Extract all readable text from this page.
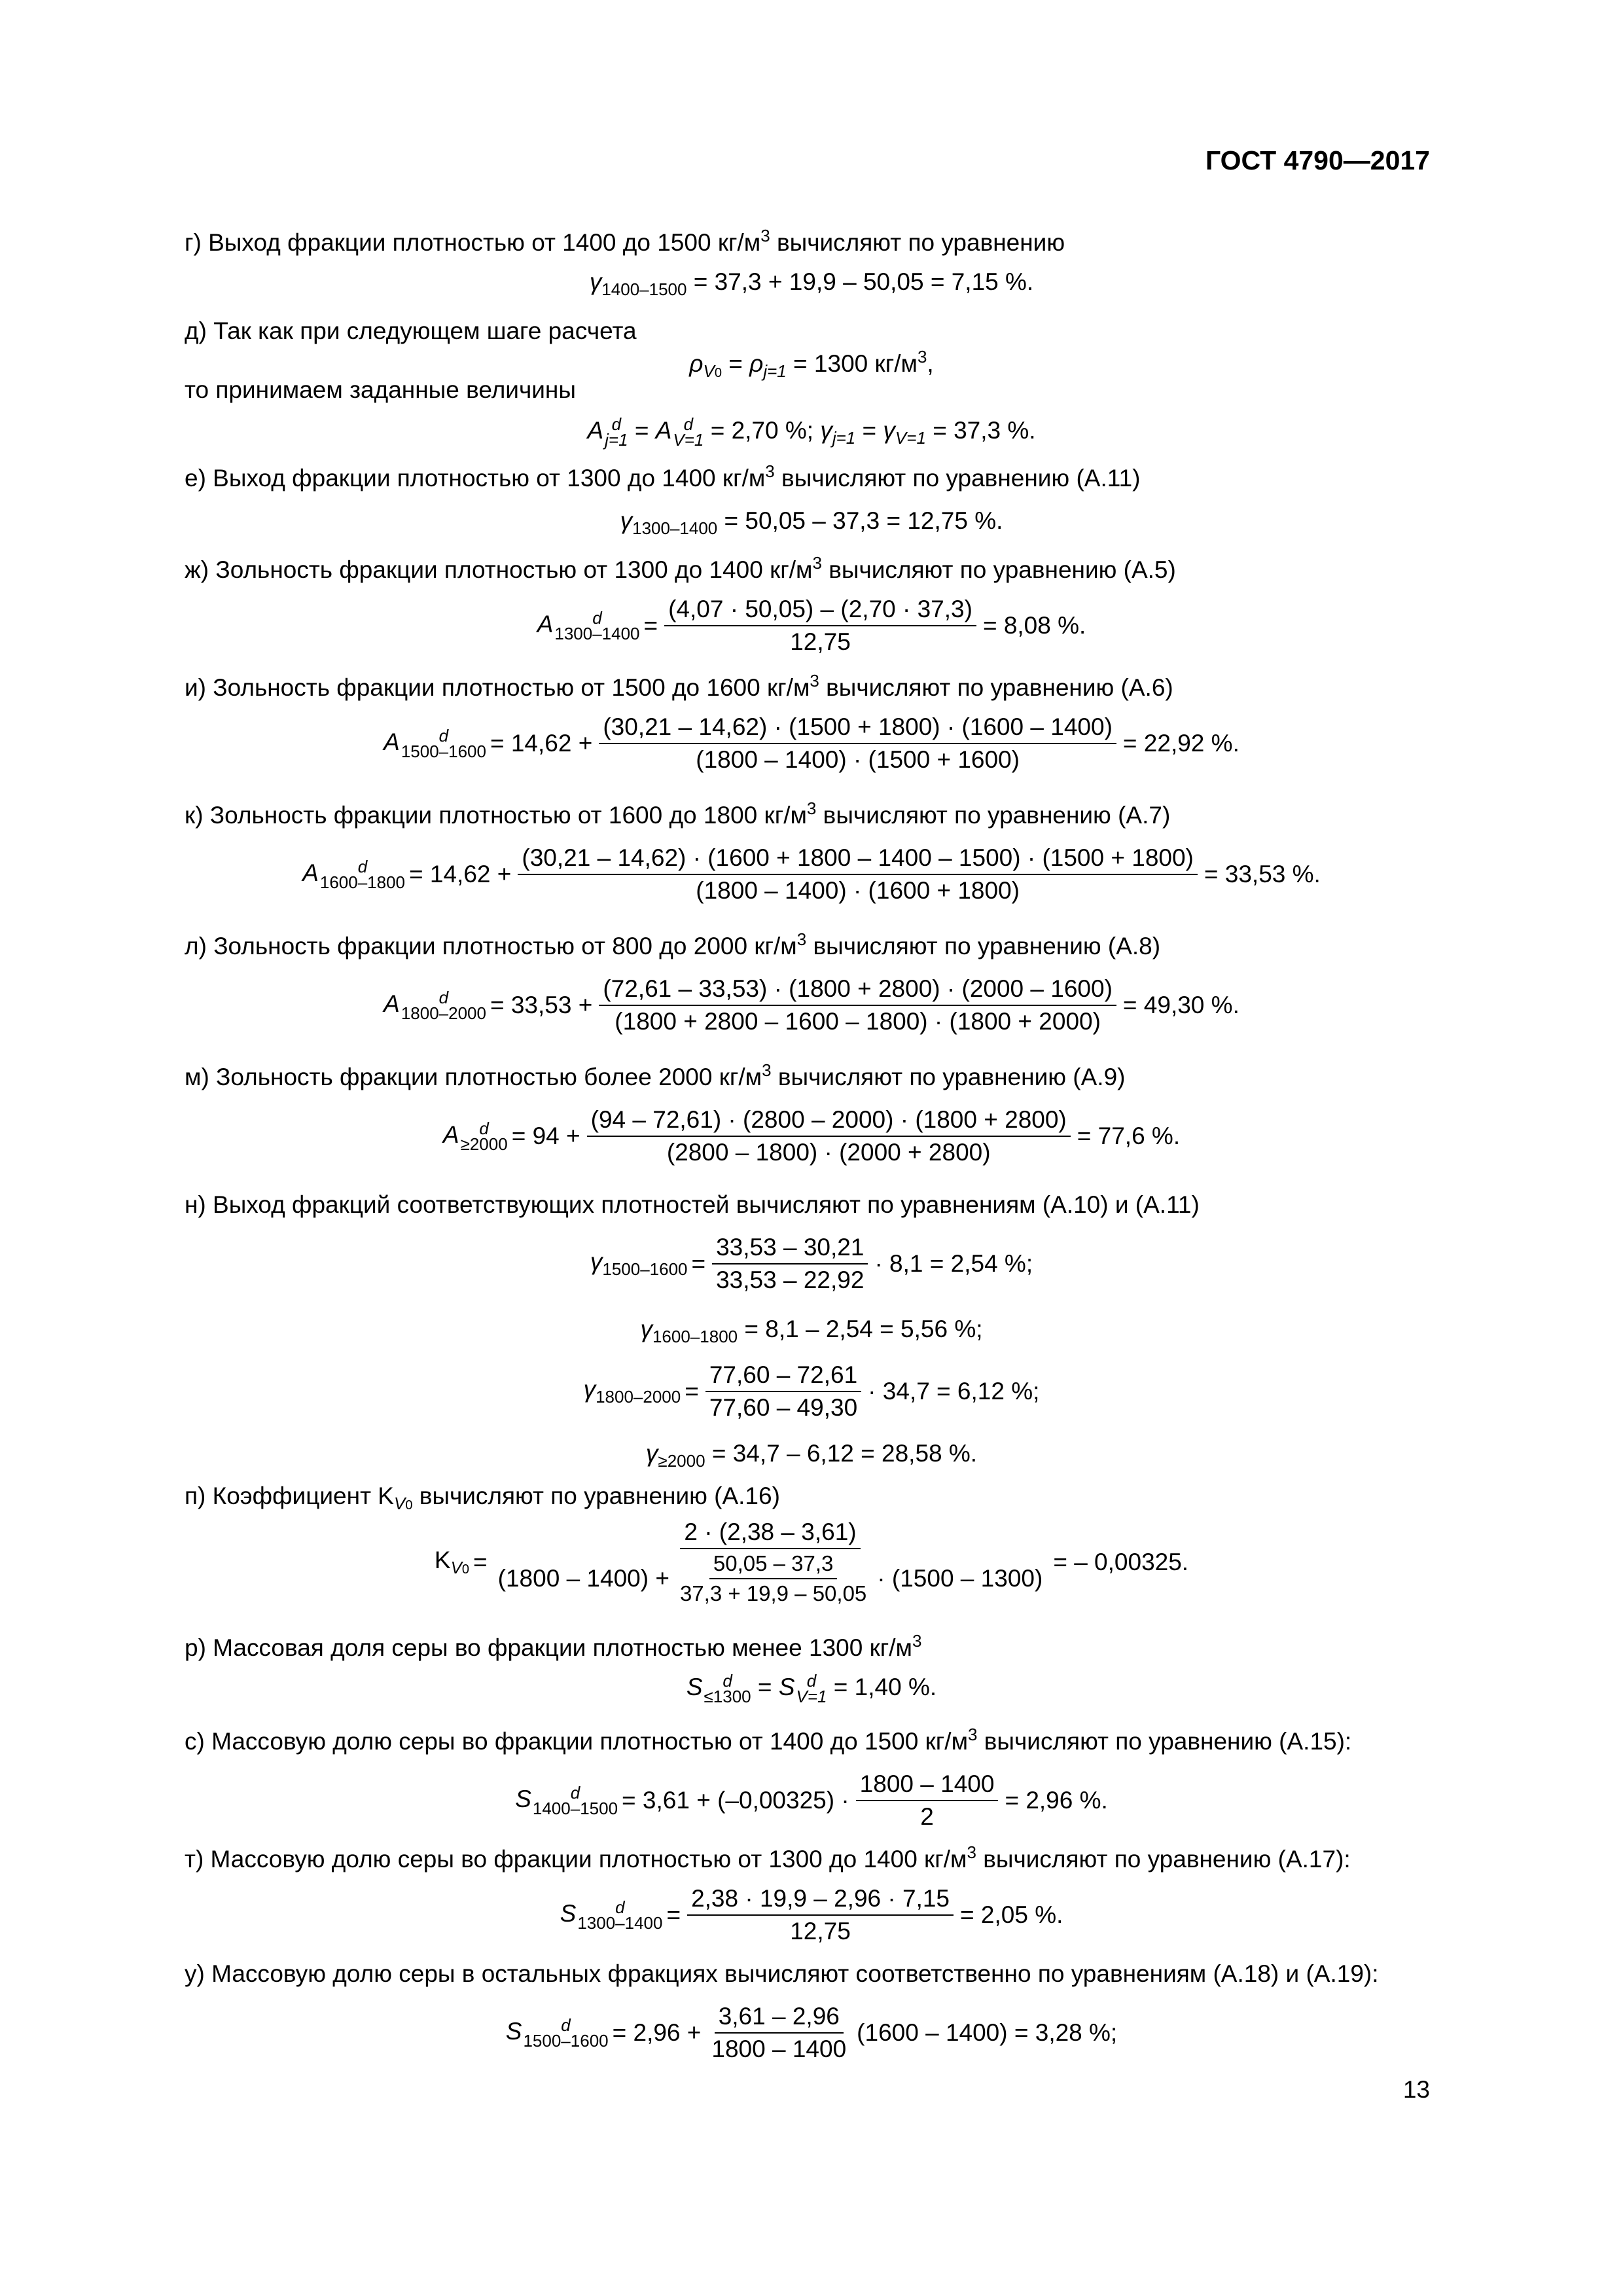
ГОСТ 4790—2017
г) Выход фракции плотностью от 1400 до 1500 $кг/м^3$ вычисляют по уравнению
$\gamma_{1400-1500} = 37,3 + 19,9 - 50,05 = 7,15$ %.
д) Так как при следующем шаге расчета
$\rho_{V0} = \rho_{j=1} = 1300$ $кг/м^3$,
то принимаем заданные величины
A d
j=1 = A d
V=1 = 2,70 %; $\gamma_{j=1} = \gamma_{V=1} = 37,3$ %.
е) Выход фракции плотностью от 1300 до 1400 $кг/м^3$ вычисляют по уравнению (А.11)
$\gamma_{1300-1400} = 50,05 - 37,3 = 12,75$ %.
ж) Зольность фракции плотностью от 1300 до 1400 $кг/м^3$ вычисляют по уравнению (А.5)
A	d
$1300-1400 = \frac{(4,07 \cdot 50,05) - (2,70 \cdot 37,3)}{12,75} = 8,08$ %.
и) Зольность фракции плотностью от 1500 до 1600 $кг/м^3$ вычисляют по уравнению (А.6)
A	d
$1500-1600 = 14,62 + \frac{(30,21 - 14,62) \cdot (1500 + 1800) \cdot (1600 - 1400)}{(1800 - 1400) \cdot (1500 + 1600)} = 22,92$ %.
к) Зольность фракции плотностью от 1600 до 1800 $кг/м^3$ вычисляют по уравнению (А.7)
A	d
1600–1800 = 14,62 +
(30,21 – 14,62) · (1600 + 1800 – 1400 – 1500) · (1500 + 1800)
(1800 – 1400) · (1600 + 1800)
= 33,53 %.
л) Зольность фракции плотностью от 800 до 2000 $кг/м^3$ вычисляют по уравнению (А.8)
A	d
$1800-2000 = 33,53 + \frac{(72,61 - 33,53) \cdot (1800 + 2800) \cdot (2000 - 1600)}{(1800 + 2800 - 1600 - 1800) \cdot (1800 + 2000)} = 49,30$ %.
м) Зольность фракции плотностью более 2000 $кг/м^3$ вычисляют по уравнению (А.9)
A	d
$\ge 2000 = 94 + \frac{(94 - 72,61) \cdot (2800 - 2000) \cdot (1800 + 2800)}{(2800 - 1800) \cdot (2000 + 2800)} = 77,6$ %.
н) Выход фракций соответствующих плотностей вычисляют по уравнениям (А.10) и (А.11)
$\gamma_{1500-1600} = \frac{33,53 - 30,21}{33,53 - 22,92} \cdot 8,1 = 2,54$ %;
$\gamma_{1600-1800} = 8,1 - 2,54 = 5,56$ %;
$\gamma_{1800-2000} = \frac{77,60 - 72,61}{77,60 - 49,30} \cdot 34,7 = 6,12$ %;
$\gamma_{\ge 2000} = 34,7 - 6,12 = 28,58$ %.
п) Коэффициент $K_{V0}$ вычисляют по уравнению (А.16)
$K_{V0}$ =
2 · (2,38 – 3,61)
$(1800 - 1400) + \frac{50,05 - 37,3}{37,3 + 19,9 - 50,05} \cdot (1500 - 1300)$
= – 0,00325.
р) Массовая доля серы во фракции плотностью менее 1300 $кг/м^3$
S	d
≤1300 = S d
V=1 = 1,40 %.
с) Массовую долю серы во фракции плотностью от 1400 до 1500 $кг/м^3$ вычисляют по уравнению (А.15):
S	d
$1400-1500 = 3,61 + (-0,00325) \cdot \frac{1800 - 1400}{2} = 2,96$ %.
т) Массовую долю серы во фракции плотностью от 1300 до 1400 $кг/м^3$ вычисляют по уравнению (А.17):
S	d
$1300-1400 = \frac{2,38 \cdot 19,9 - 2,96 \cdot 7,15}{12,75} = 2,05$ %.
у) Массовую долю серы в остальных фракциях вычисляют соответственно по уравнениям (А.18) и (А.19):
S	d
$1500-1600 = 2,96 + \frac{3,61 - 2,96}{1800 - 1400} (1600 - 1400) = 3,28$ %;
13
